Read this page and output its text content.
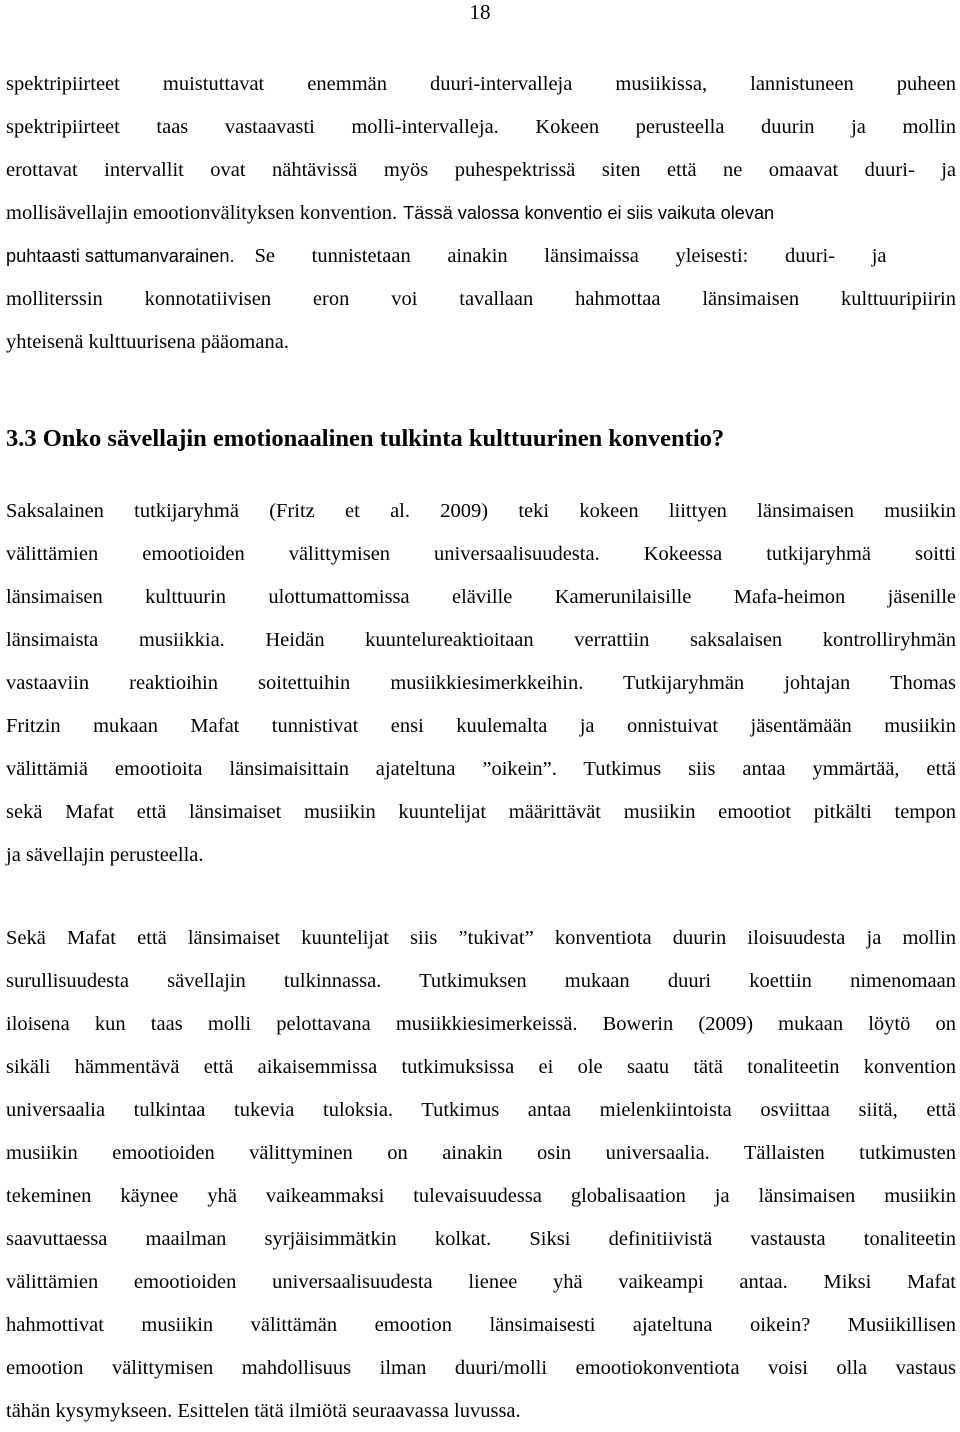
18
spektripiirteet muistuttavat enemmän duuri-intervalleja musiikissa, lannistuneen puheen
spektripiirteet taas vastaavasti molli-intervalleja. Kokeen perusteella duurin ja mollin
erottavat intervallit ovat nähtävissä myös puhespektrissä siten että ne omaavat duuri- ja
mollisävellajin emootionvälityksen konvention. Tässä valossa konventio ei siis vaikuta olevan
puhtaasti sattumanvarainen. Se tunnistetaan ainakin länsimaissa yleisesti: duuri- ja
molliterssin konnotatiivisen eron voi tavallaan hahmottaa länsimaisen kulttuuripiirin
yhteisenä kulttuurisena pääomana.
3.3 Onko sävellajin emotionaalinen tulkinta kulttuurinen konventio?
Saksalainen tutkijaryhmä (Fritz et al. 2009) teki kokeen liittyen länsimaisen musiikin
välittämien emootioiden välittymisen universaalisuudesta. Kokeessa tutkijaryhmä soitti
länsimaisen kulttuurin ulottumattomissa eläville Kamerunilaisille Mafa-heimon jäsenille
länsimaista musiikkia. Heidän kuuntelureaktioitaan verrattiin saksalaisen kontrolliryhmän
vastaaviin reaktioihin soitettuihin musiikkiesimerkkeihin. Tutkijaryhmän johtajan Thomas
Fritzin mukaan Mafat tunnistivat ensi kuulemalta ja onnistuivat jäsentämään musiikin
välittämiä emootioita länsimaisittain ajateltuna ”oikein”. Tutkimus siis antaa ymmärtää, että
sekä Mafat että länsimaiset musiikin kuuntelijat määrittävät musiikin emootiot pitkälti tempon
ja sävellajin perusteella.
Sekä Mafat että länsimaiset kuuntelijat siis ”tukivat” konventiota duurin iloisuudesta ja mollin
surullisuudesta sävellajin tulkinnassa. Tutkimuksen mukaan duuri koettiin nimenomaan
iloisena kun taas molli pelottavana musiikkiesimerkeissä. Bowerin (2009) mukaan löytö on
sikäli hämmentävä että aikaisemmissa tutkimuksissa ei ole saatu tätä tonaliteetin konvention
universaalia tulkintaa tukevia tuloksia. Tutkimus antaa mielenkiintoista osviittaa siitä, että
musiikin emootioiden välittyminen on ainakin osin universaalia. Tällaisten tutkimusten
tekeminen käynee yhä vaikeammaksi tulevaisuudessa globalisaation ja länsimaisen musiikin
saavuttaessa maailman syrjäisimmätkin kolkat. Siksi definitiivistä vastausta tonaliteetin
välittämien emootioiden universaalisuudesta lienee yhä vaikeampi antaa. Miksi Mafat
hahmottivat musiikin välittämän emootion länsimaisesti ajateltuna oikein? Musiikillisen
emootion välittymisen mahdollisuus ilman duuri/molli emootiokonventiota voisi olla vastaus
tähän kysymykseen. Esittelen tätä ilmiötä seuraavassa luvussa.
